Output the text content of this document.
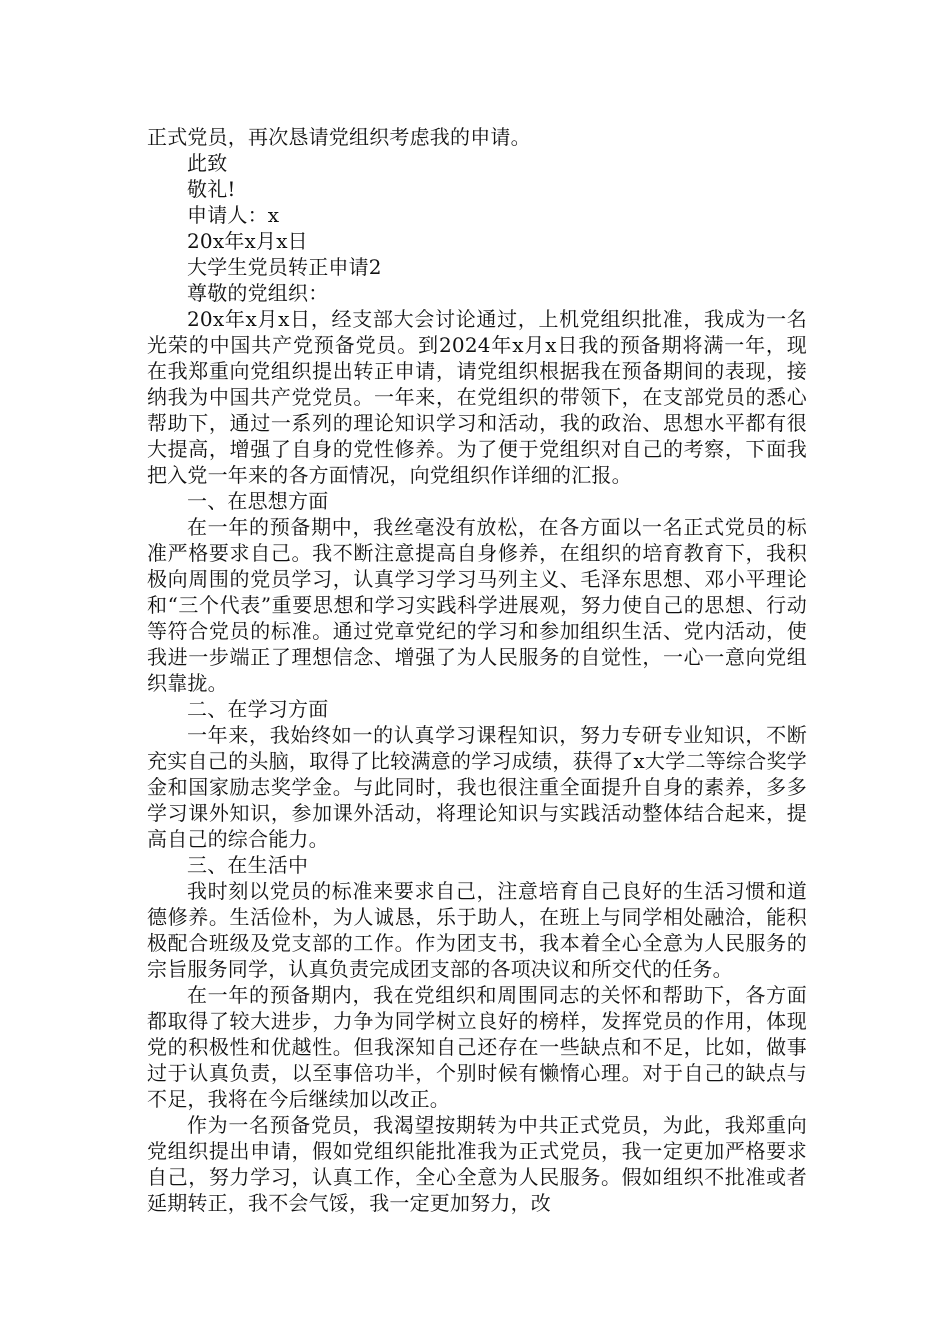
正式党员，再次恳请党组织考虑我的申请。

此致

敬礼!

申请人：x

20x年x月x日

大学生党员转正申请2

尊敬的党组织：

20x年x月x日，经支部大会讨论通过，上机党组织批准，我成为一名光荣的中国共产党预备党员。到2024年x月x日我的预备期将满一年，现在我郑重向党组织提出转正申请，请党组织根据我在预备期间的表现，接纳我为中国共产党党员。一年来，在党组织的带领下，在支部党员的悉心帮助下，通过一系列的理论知识学习和活动，我的政治、思想水平都有很大提高，增强了自身的党性修养。为了便于党组织对自己的考察，下面我把入党一年来的各方面情况，向党组织作详细的汇报。

一、在思想方面

在一年的预备期中，我丝毫没有放松，在各方面以一名正式党员的标准严格要求自己。我不断注意提高自身修养，在组织的培育教育下，我积极向周围的党员学习，认真学习学习马列主义、毛泽东思想、邓小平理论和“三个代表”重要思想和学习实践科学进展观，努力使自己的思想、行动等符合党员的标准。通过党章党纪的学习和参加组织生活、党内活动，使我进一步端正了理想信念、增强了为人民服务的自觉性，一心一意向党组织靠拢。

二、在学习方面

一年来，我始终如一的认真学习课程知识，努力专研专业知识，不断充实自己的头脑，取得了比较满意的学习成绩，获得了x大学二等综合奖学金和国家励志奖学金。与此同时，我也很注重全面提升自身的素养，多多学习课外知识，参加课外活动，将理论知识与实践活动整体结合起来，提高自己的综合能力。

三、在生活中

我时刻以党员的标准来要求自己，注意培育自己良好的生活习惯和道德修养。生活俭朴，为人诚恳，乐于助人，在班上与同学相处融洽，能积极配合班级及党支部的工作。作为团支书，我本着全心全意为人民服务的宗旨服务同学，认真负责完成团支部的各项决议和所交代的任务。

在一年的预备期内，我在党组织和周围同志的关怀和帮助下，各方面都取得了较大进步，力争为同学树立良好的榜样，发挥党员的作用，体现党的积极性和优越性。但我深知自己还存在一些缺点和不足，比如，做事过于认真负责，以至事倍功半，个别时候有懒惰心理。对于自己的缺点与不足，我将在今后继续加以改正。

作为一名预备党员，我渴望按期转为中共正式党员，为此，我郑重向党组织提出申请，假如党组织能批准我为正式党员，我一定更加严格要求自己，努力学习，认真工作，全心全意为人民服务。假如组织不批准或者延期转正，我不会气馁，我一定更加努力，改
